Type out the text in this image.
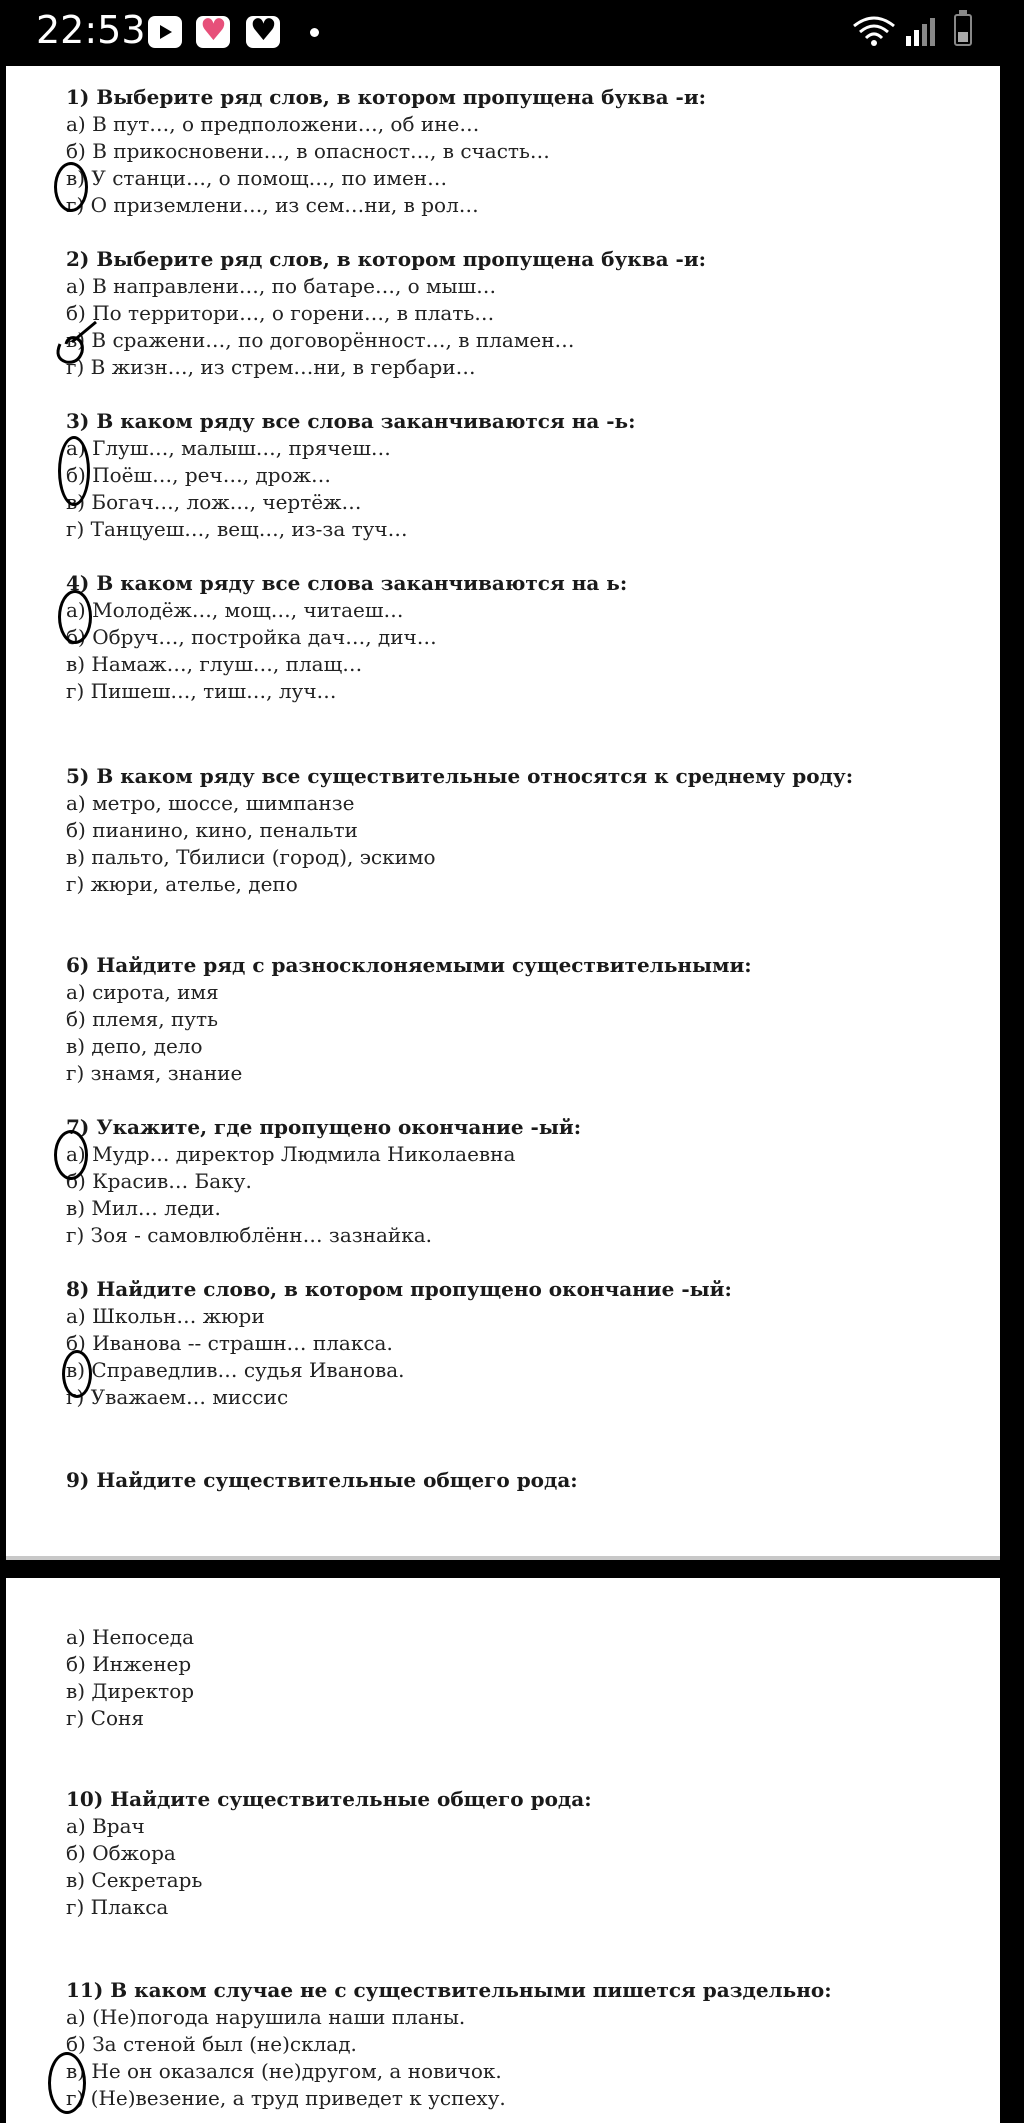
22:53
♥
♥
1) Выберите ряд слов, в котором пропущена буква -и:
а) В пут…, о предположени…, об ине…
б) В прикосновени…, в опасност…, в счасть…
в) У станци…, о помощ…, по имен…
г) О приземлени…, из сем…ни, в рол…
2) Выберите ряд слов, в котором пропущена буква -и:
а) В направлени…, по батаре…, о мыш…
б) По территори…, о горени…, в плать…
в) В сражени…, по договорённост…, в пламен…
г) В жизн…, из стрем…ни, в гербари…
3) В каком ряду все слова заканчиваются на -ь:
а) Глуш…, малыш…, прячеш…
б) Поёш…, реч…, дрож…
в) Богач…, лож…, чертёж…
г) Танцуеш…, вещ…, из-за туч…
4) В каком ряду все слова заканчиваются на ь:
а) Молодёж…, мощ…, читаеш…
б) Обруч…, постройка дач…, дич…
в) Намаж…, глуш…, плащ…
г) Пишеш…, тиш…, луч…
5) В каком ряду все существительные относятся к среднему роду:
а) метро, шоссе, шимпанзе
б) пианино, кино, пенальти
в) пальто, Тбилиси (город), эскимо
г) жюри, ателье, депо
6) Найдите ряд с разносклоняемыми существительными:
а) сирота, имя
б) племя, путь
в) депо, дело
г) знамя, знание
7) Укажите, где пропущено окончание -ый:
а) Мудр… директор Людмила Николаевна
б) Красив… Баку.
в) Мил… леди.
г) Зоя - самовлюблённ… зазнайка.
8) Найдите слово, в котором пропущено окончание -ый:
а) Школьн… жюри
б) Иванова -- страшн… плакса.
в) Справедлив… судья Иванова.
г) Уважаем… миссис
9) Найдите существительные общего рода:
а) Непоседа
б) Инженер
в) Директор
г) Соня
10) Найдите существительные общего рода:
а) Врач
б) Обжора
в) Секретарь
г) Плакса
11) В каком случае не с существительными пишется раздельно:
а) (Не)погода нарушила наши планы.
б) За стеной был (не)склад.
в) Не он оказался (не)другом, а новичок.
г) (Не)везение, а труд приведет к успеху.
